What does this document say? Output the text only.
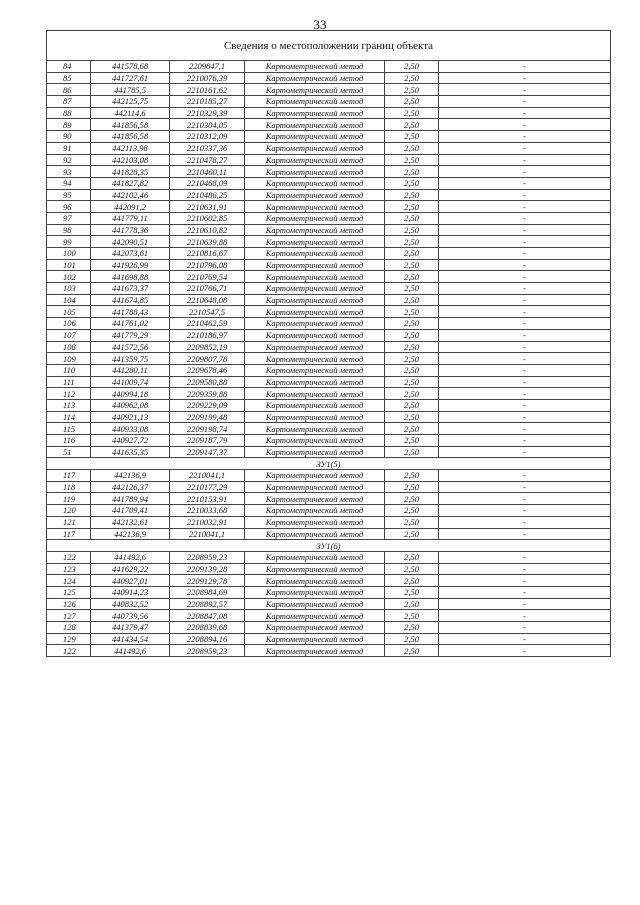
33
Сведения о местоположении границ объекта					
84	441578,68	2209847,1	Картометрический метод	2,50	-
85	441727,61	2210076,39	Картометрический метод	2,50	-
86	441785,5	2210161,62	Картометрический метод	2,50	-
87	442125,75	2210185,27	Картометрический метод	2,50	-
88	442114,6	2210329,39	Картометрический метод	2,50	-
89	441856,58	2210304,05	Картометрический метод	2,50	-
90	441856,58	2210312,09	Картометрический метод	2,50	-
91	442113,98	2210337,36	Картометрический метод	2,50	-
92	442103,08	2210478,27	Картометрический метод	2,50	-
93	441828,35	2210460,11	Картометрический метод	2,50	-
94	441827,82	2210468,09	Картометрический метод	2,50	-
95	442102,46	2210486,25	Картометрический метод	2,50	-
96	442091,2	2210631,91	Картометрический метод	2,50	-
97	441779,11	2210602,85	Картометрический метод	2,50	-
98	441778,36	2210610,82	Картометрический метод	2,50	-
99	442090,51	2210639,88	Картометрический метод	2,50	-
100	442073,61	2210816,67	Картометрический метод	2,50	-
101	441926,99	2210796,08	Картометрический метод	2,50	-
102	441698,88	2210769,54	Картометрический метод	2,50	-
103	441673,37	2210766,71	Картометрический метод	2,50	-
104	441674,85	2210648,08	Картометрический метод	2,50	-
105	441788,43	2210547,5	Картометрический метод	2,50	-
106	441761,02	2210462,59	Картометрический метод	2,50	-
107	441779,29	2210186,97	Картометрический метод	2,50	-
108	441572,56	2209852,19	Картометрический метод	2,50	-
109	441359,75	2209807,78	Картометрический метод	2,50	-
110	441280,11	2209678,46	Картометрический метод	2,50	-
111	441009,74	2209580,88	Картометрический метод	2,50	-
112	440994,18	2209359,88	Картометрический метод	2,50	-
113	440962,08	2209229,09	Картометрический метод	2,50	-
114	440921,13	2209199,48	Картометрический метод	2,50	-
115	440933,08	2209198,74	Картометрический метод	2,50	-
116	440927,72	2209187,79	Картометрический метод	2,50	-
51	441635,35	2209147,37	Картометрический метод	2,50	-
ЗУ1(5)					
117	442136,9	2210041,1	Картометрический метод	2,50	-
118	442126,37	2210177,29	Картометрический метод	2,50	-
119	441789,94	2210153,91	Картометрический метод	2,50	-
120	441709,41	2210033,68	Картометрический метод	2,50	-
121	442132,61	2210032,91	Картометрический метод	2,50	-
117	442136,9	2210041,1	Картометрический метод	2,50	-
ЗУ1(6)					
122	441492,6	2208959,23	Картометрический метод	2,50	-
123	441629,22	2209139,28	Картометрический метод	2,50	-
124	440927,01	2209129,78	Картометрический метод	2,50	-
125	440914,23	2208984,69	Картометрический метод	2,50	-
126	440832,52	2208892,57	Картометрический метод	2,50	-
127	440739,56	2208847,08	Картометрический метод	2,50	-
128	441379,47	2208839,68	Картометрический метод	2,50	-
129	441434,54	2208894,16	Картометрический метод	2,50	-
122	441492,6	2208959,23	Картометрический метод	2,50	-
